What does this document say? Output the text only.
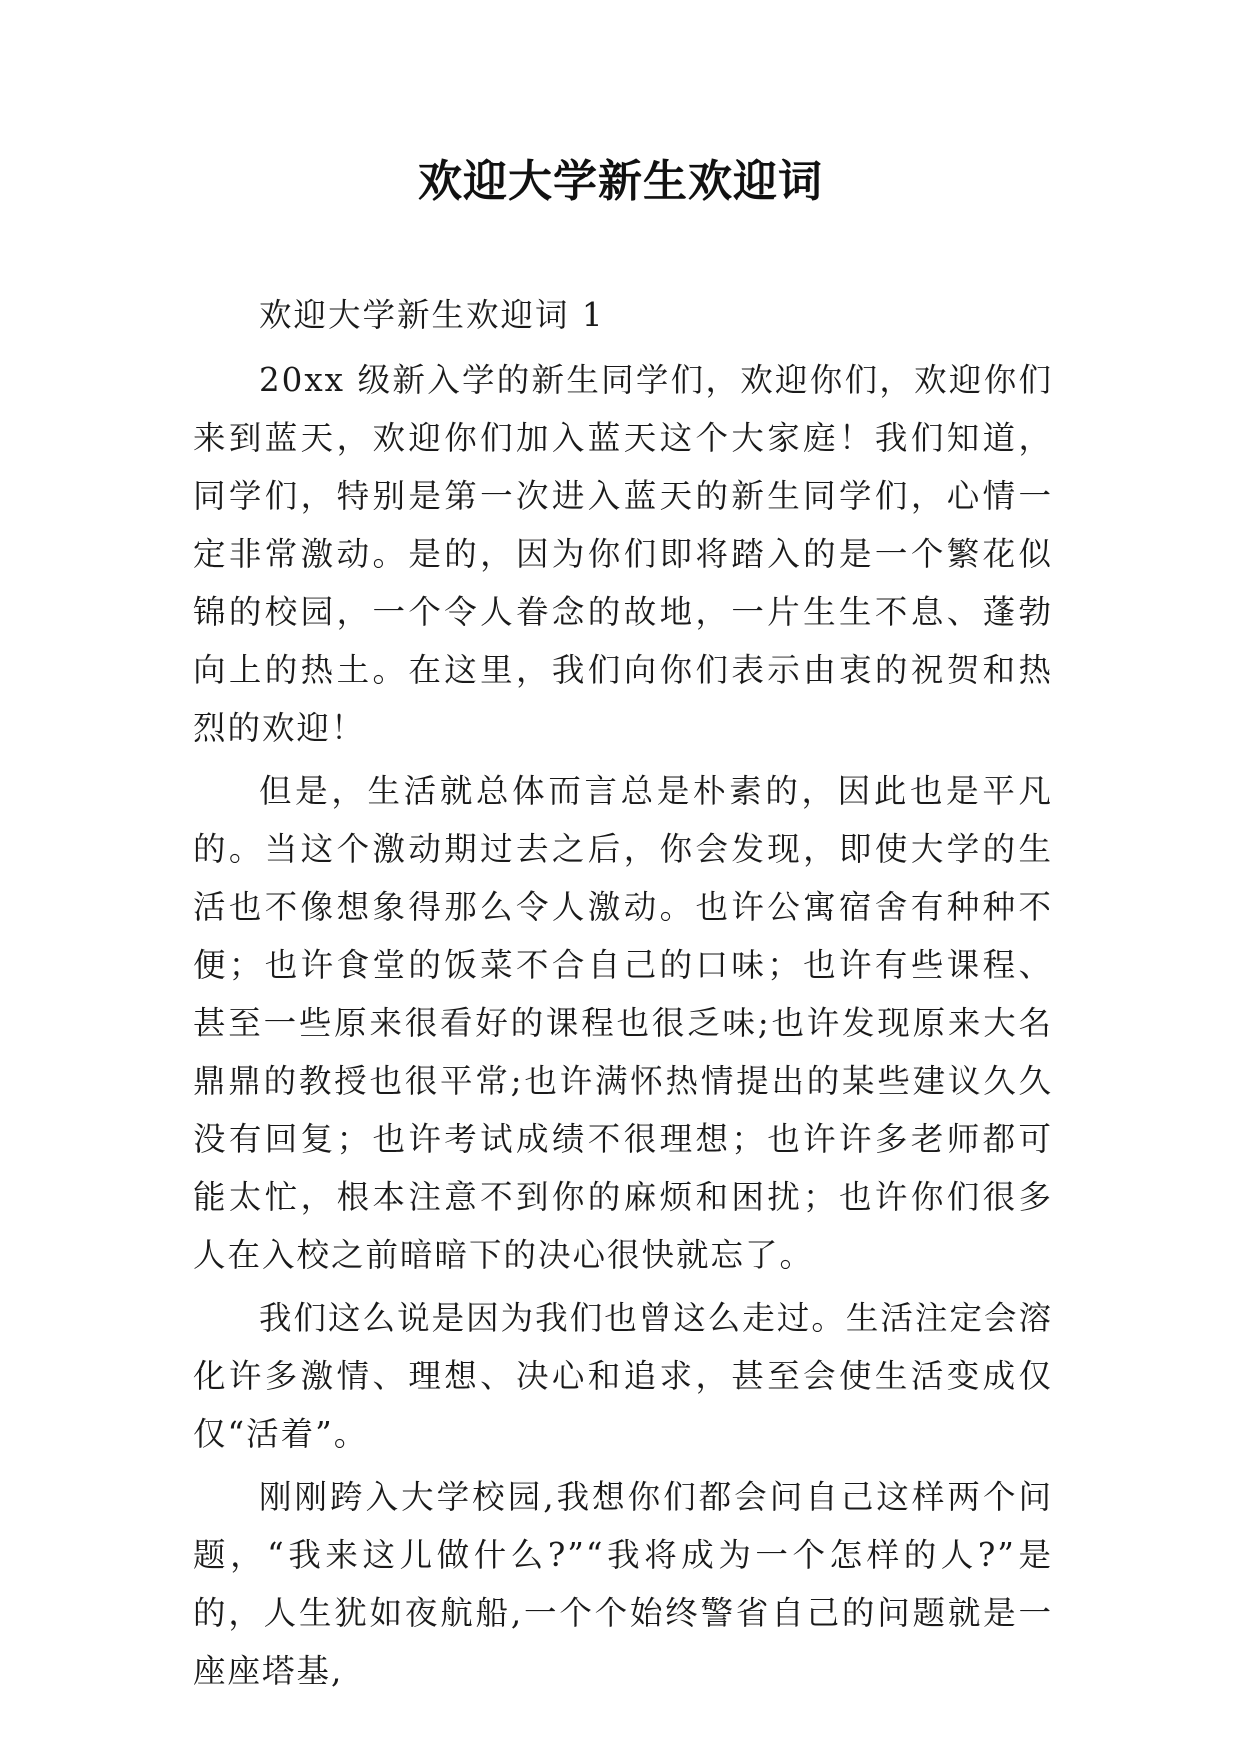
欢迎大学新生欢迎词

欢迎大学新生欢迎词 1

20xx 级新入学的新生同学们，欢迎你们，欢迎你们来到蓝天，欢迎你们加入蓝天这个大家庭！我们知道，同学们，特别是第一次进入蓝天的新生同学们，心情一定非常激动。是的，因为你们即将踏入的是一个繁花似锦的校园，一个令人眷念的故地，一片生生不息、蓬勃向上的热土。在这里，我们向你们表示由衷的祝贺和热烈的欢迎！

但是，生活就总体而言总是朴素的，因此也是平凡的。当这个激动期过去之后，你会发现，即使大学的生活也不像想象得那么令人激动。也许公寓宿舍有种种不便；也许食堂的饭菜不合自己的口味；也许有些课程、甚至一些原来很看好的课程也很乏味;也许发现原来大名鼎鼎的教授也很平常;也许满怀热情提出的某些建议久久没有回复；也许考试成绩不很理想；也许许多老师都可能太忙，根本注意不到你的麻烦和困扰；也许你们很多人在入校之前暗暗下的决心很快就忘了。

我们这么说是因为我们也曾这么走过。生活注定会溶化许多激情、理想、决心和追求，甚至会使生活变成仅仅“活着”。

刚刚跨入大学校园,我想你们都会问自己这样两个问题，“我来这儿做什么?”“我将成为一个怎样的人?”是的，人生犹如夜航船,一个个始终警省自己的问题就是一座座塔基,
